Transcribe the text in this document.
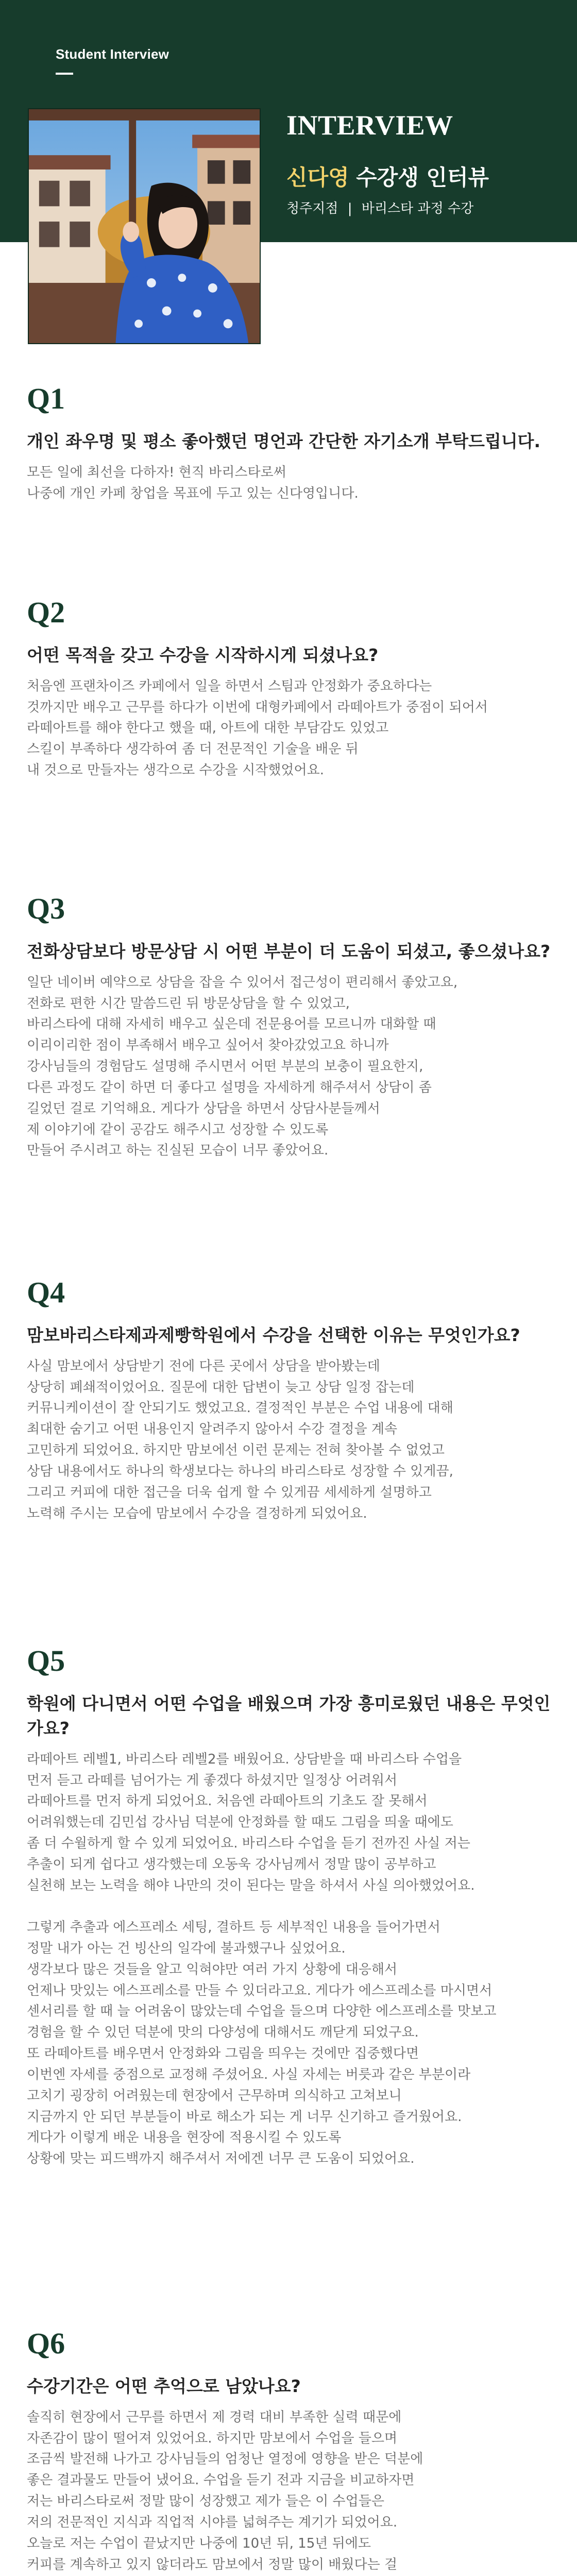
Student Interview
INTERVIEW
신다영 수강생 인터뷰
청주지점 | 바리스타 과정 수강
Q1
개인 좌우명 및 평소 좋아했던 명언과 간단한 자기소개 부탁드립니다.
모든 일에 최선을 다하자! 현직 바리스타로써
나중에 개인 카페 창업을 목표에 두고 있는 신다영입니다.
Q2
어떤 목적을 갖고 수강을 시작하시게 되셨나요?
처음엔 프랜차이즈 카페에서 일을 하면서 스팀과 안정화가 중요하다는
것까지만 배우고 근무를 하다가 이번에 대형카페에서 라떼아트가 중점이 되어서
라떼아트를 해야 한다고 했을 때, 아트에 대한 부담감도 있었고
스킬이 부족하다 생각하여 좀 더 전문적인 기술을 배운 뒤
내 것으로 만들자는 생각으로 수강을 시작했었어요.
Q3
전화상담보다 방문상담 시 어떤 부분이 더 도움이 되셨고, 좋으셨나요?
일단 네이버 예약으로 상담을 잡을 수 있어서 접근성이 편리해서 좋았고요,
전화로 편한 시간 말씀드린 뒤 방문상담을 할 수 있었고,
바리스타에 대해 자세히 배우고 싶은데 전문용어를 모르니까 대화할 때
이리이리한 점이 부족해서 배우고 싶어서 찾아갔었고요 하니까
강사님들의 경험담도 설명해 주시면서 어떤 부분의 보충이 필요한지,
다른 과정도 같이 하면 더 좋다고 설명을 자세하게 해주셔서 상담이 좀
길었던 걸로 기억해요. 게다가 상담을 하면서 상담사분들께서
제 이야기에 같이 공감도 해주시고 성장할 수 있도록
만들어 주시려고 하는 진실된 모습이 너무 좋았어요.
Q4
맘보바리스타제과제빵학원에서 수강을 선택한 이유는 무엇인가요?
사실 맘보에서 상담받기 전에 다른 곳에서 상담을 받아봤는데
상당히 폐쇄적이었어요. 질문에 대한 답변이 늦고 상담 일정 잡는데
커뮤니케이션이 잘 안되기도 했었고요. 결정적인 부분은 수업 내용에 대해
최대한 숨기고 어떤 내용인지 알려주지 않아서 수강 결정을 계속
고민하게 되었어요. 하지만 맘보에선 이런 문제는 전혀 찾아볼 수 없었고
상담 내용에서도 하나의 학생보다는 하나의 바리스타로 성장할 수 있게끔,
그리고 커피에 대한 접근을 더욱 쉽게 할 수 있게끔 세세하게 설명하고
노력해 주시는 모습에 맘보에서 수강을 결정하게 되었어요.
Q5
학원에 다니면서 어떤 수업을 배웠으며 가장 흥미로웠던 내용은 무엇인가요?
라떼아트 레벨1, 바리스타 레벨2를 배웠어요. 상담받을 때 바리스타 수업을
먼저 듣고 라떼를 넘어가는 게 좋겠다 하셨지만 일정상 어려워서
라떼아트를 먼저 하게 되었어요. 처음엔 라떼아트의 기초도 잘 못해서
어려워했는데 김민섭 강사님 덕분에 안정화를 할 때도 그림을 띄울 때에도
좀 더 수월하게 할 수 있게 되었어요. 바리스타 수업을 듣기 전까진 사실 저는
추출이 되게 쉽다고 생각했는데 오동욱 강사님께서 정말 많이 공부하고
실천해 보는 노력을 해야 나만의 것이 된다는 말을 하셔서 사실 의아했었어요.

그렇게 추출과 에스프레소 세팅, 결하트 등 세부적인 내용을 들어가면서
정말 내가 아는 건 빙산의 일각에 불과했구나 싶었어요.
생각보다 많은 것들을 알고 익혀야만 여러 가지 상황에 대응해서
언제나 맛있는 에스프레소를 만들 수 있더라고요. 게다가 에스프레소를 마시면서
센서리를 할 때 늘 어려움이 많았는데 수업을 들으며 다양한 에스프레소를 맛보고
경험을 할 수 있던 덕분에 맛의 다양성에 대해서도 깨닫게 되었구요.
또 라떼아트를 배우면서 안정화와 그림을 띄우는 것에만 집중했다면
이번엔 자세를 중점으로 교정해 주셨어요. 사실 자세는 버릇과 같은 부분이라
고치기 굉장히 어려웠는데 현장에서 근무하며 의식하고 고쳐보니
지금까지 안 되던 부분들이 바로 해소가 되는 게 너무 신기하고 즐거웠어요.
게다가 이렇게 배운 내용을 현장에 적용시킬 수 있도록
상황에 맞는 피드백까지 해주셔서 저에겐 너무 큰 도움이 되었어요.
Q6
수강기간은 어떤 추억으로 남았나요?
솔직히 현장에서 근무를 하면서 제 경력 대비 부족한 실력 때문에
자존감이 많이 떨어져 있었어요. 하지만 맘보에서 수업을 들으며
조금씩 발전해 나가고 강사님들의 엄청난 열정에 영향을 받은 덕분에
좋은 결과물도 만들어 냈어요. 수업을 듣기 전과 지금을 비교하자면
저는 바리스타로써 정말 많이 성장했고 제가 들은 이 수업들은
저의 전문적인 지식과 직업적 시야를 넓혀주는 계기가 되었어요.
오늘로 저는 수업이 끝났지만 나중에 10년 뒤, 15년 뒤에도
커피를 계속하고 있지 않더라도 맘보에서 정말 많이 배웠다는 걸
